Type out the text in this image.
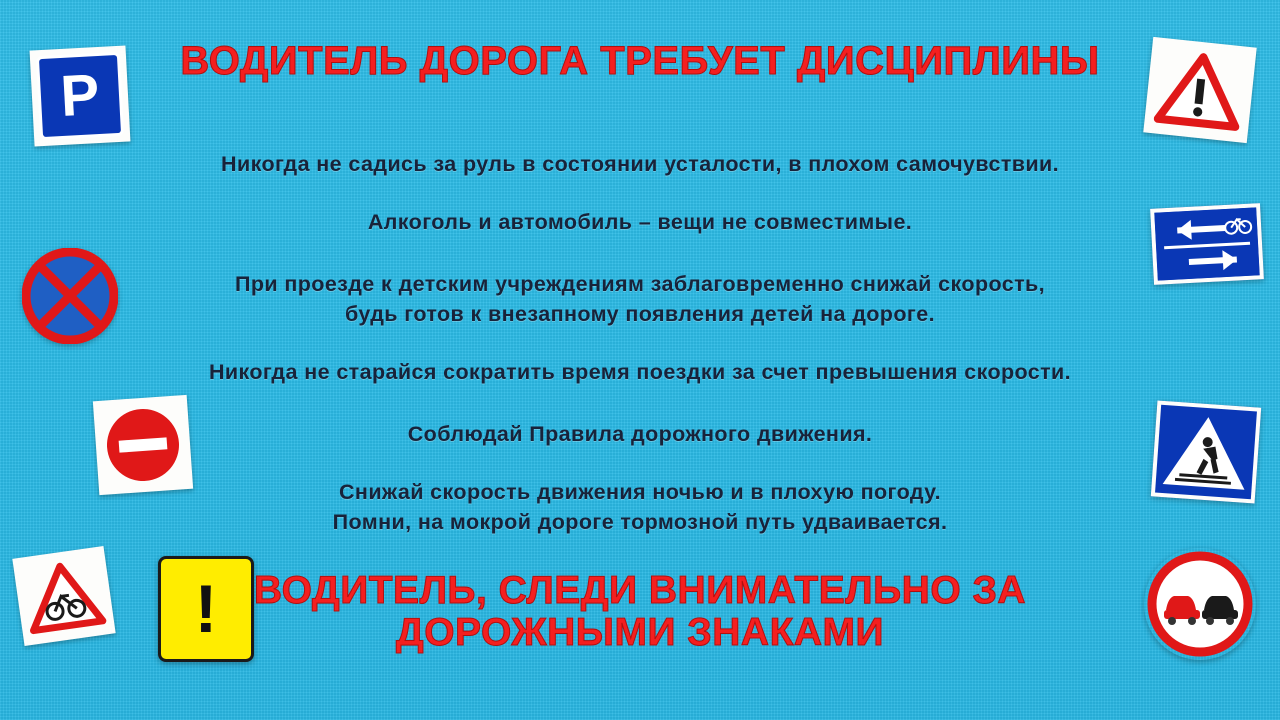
ВОДИТЕЛЬ ДОРОГА ТРЕБУЕТ ДИСЦИПЛИНЫ
Никогда не садись за руль в состоянии усталости, в плохом самочувствии.
Алкоголь и автомобиль – вещи не совместимые.
При проезде к детским учреждениям заблаговременно снижай скорость,
будь готов к внезапному появления детей на дороге.
Никогда не старайся сократить время поездки за счет превышения скорости.
Соблюдай Правила дорожного движения.
Снижай скорость движения ночью и в плохую погоду.
Помни, на мокрой дороге тормозной путь удваивается.
ВОДИТЕЛЬ, СЛЕДИ ВНИМАТЕЛЬНО ЗА
ДОРОЖНЫМИ ЗНАКАМИ
P
!
